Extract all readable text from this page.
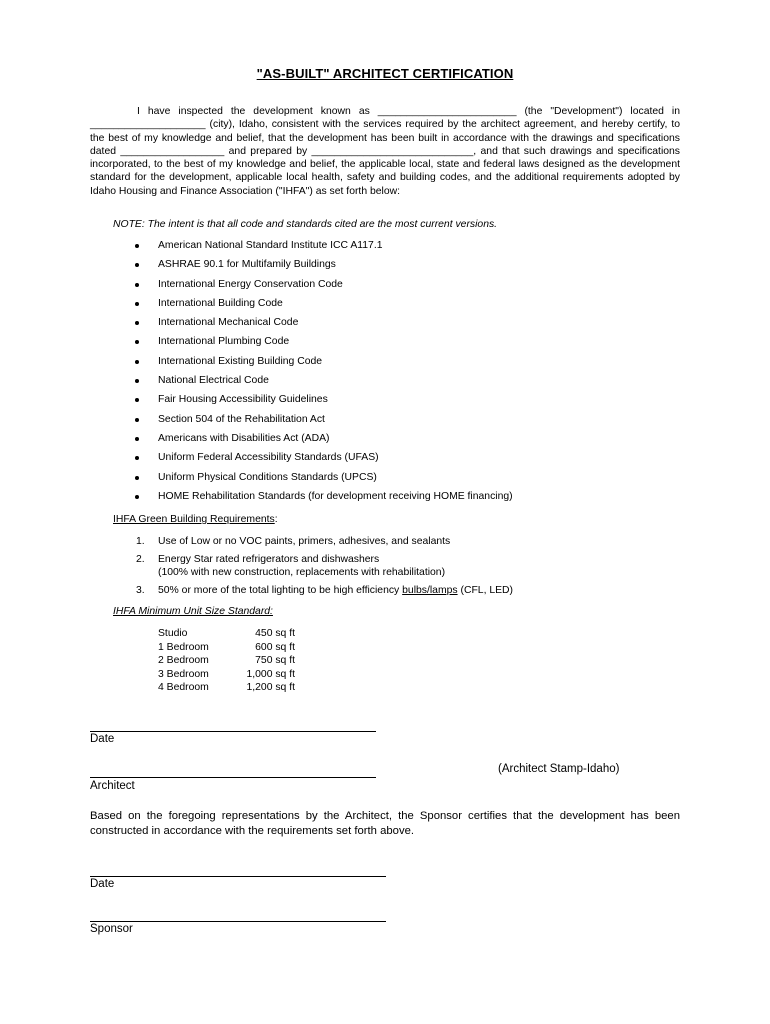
"AS-BUILT" ARCHITECT CERTIFICATION
I have inspected the development known as ________________________ (the "Development") located in ____________________ (city), Idaho, consistent with the services required by the architect agreement, and hereby certify, to the best of my knowledge and belief, that the development has been built in accordance with the drawings and specifications dated __________________ and prepared by ____________________________, and that such drawings and specifications incorporated, to the best of my knowledge and belief, the applicable local, state and federal laws designed as the development standard for the development, applicable local health, safety and building codes, and the additional requirements adopted by Idaho Housing and Finance Association ("IHFA") as set forth below:
NOTE: The intent is that all code and standards cited are the most current versions.
American National Standard Institute ICC A117.1
ASHRAE 90.1 for Multifamily Buildings
International Energy Conservation Code
International Building Code
International Mechanical Code
International Plumbing Code
International Existing Building Code
National Electrical Code
Fair Housing Accessibility Guidelines
Section 504 of the Rehabilitation Act
Americans with Disabilities Act (ADA)
Uniform Federal Accessibility Standards (UFAS)
Uniform Physical Conditions Standards (UPCS)
HOME Rehabilitation Standards (for development receiving HOME financing)
IHFA Green Building Requirements:
1. Use of Low or no VOC paints, primers, adhesives, and sealants
2. Energy Star rated refrigerators and dishwashers
(100% with new construction, replacements with rehabilitation)
3. 50% or more of the total lighting to be high efficiency bulbs/lamps (CFL, LED)
IHFA Minimum Unit Size Standard:
Studio	450 sq ft
1 Bedroom	600 sq ft
2 Bedroom	750 sq ft
3 Bedroom	1,000 sq ft
4 Bedroom	1,200 sq ft
Date
Architect
(Architect Stamp-Idaho)
Based on the foregoing representations by the Architect, the Sponsor certifies that the development has been constructed in accordance with the requirements set forth above.
Date
Sponsor
